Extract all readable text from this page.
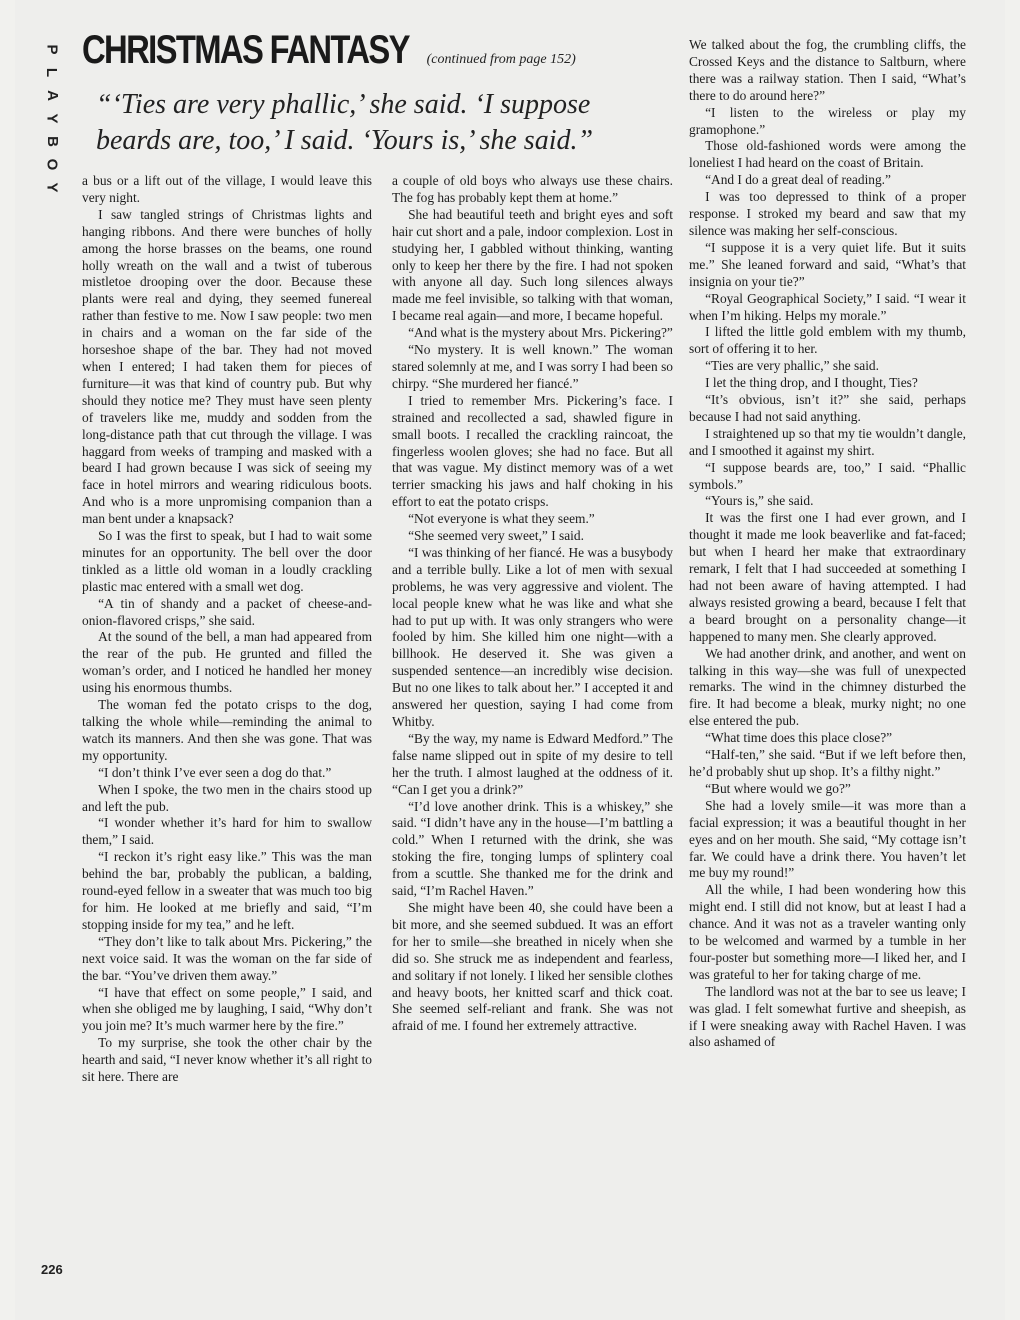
P
L
A
Y
B
O
Y
CHRISTMAS FANTASY (continued from page 152)
“‘Ties are very phallic,’ she said. ‘I suppose beards are, too,’ I said. ‘Yours is,’ she said.”

a bus or a lift out of the village, I would leave this very night.

I saw tangled strings of Christmas lights and hanging ribbons. And there were bunches of holly among the horse brasses on the beams, one round holly wreath on the wall and a twist of tuberous mistletoe drooping over the door. Because these plants were real and dying, they seemed funereal rather than festive to me. Now I saw people: two men in chairs and a woman on the far side of the horseshoe shape of the bar. They had not moved when I entered; I had taken them for pieces of furniture—it was that kind of country pub. But why should they notice me? They must have seen plenty of travelers like me, muddy and sodden from the long-distance path that cut through the village. I was haggard from weeks of tramping and masked with a beard I had grown because I was sick of seeing my face in hotel mirrors and wearing ridiculous boots. And who is a more unpromising companion than a man bent under a knapsack?

So I was the first to speak, but I had to wait some minutes for an opportunity. The bell over the door tinkled as a little old woman in a loudly crackling plastic mac entered with a small wet dog.

“A tin of shandy and a packet of cheese-and-onion-flavored crisps,” she said.

At the sound of the bell, a man had appeared from the rear of the pub. He grunted and filled the woman’s order, and I noticed he handled her money using his enormous thumbs.

The woman fed the potato crisps to the dog, talking the whole while—reminding the animal to watch its manners. And then she was gone. That was my opportunity.

“I don’t think I’ve ever seen a dog do that.”

When I spoke, the two men in the chairs stood up and left the pub.

“I wonder whether it’s hard for him to swallow them,” I said.

“I reckon it’s right easy like.” This was the man behind the bar, probably the publican, a balding, round-eyed fellow in a sweater that was much too big for him. He looked at me briefly and said, “I’m stopping inside for my tea,” and he left.

“They don’t like to talk about Mrs. Pickering,” the next voice said. It was the woman on the far side of the bar. “You’ve driven them away.”

“I have that effect on some people,” I said, and when she obliged me by laughing, I said, “Why don’t you join me? It’s much warmer here by the fire.”

To my surprise, she took the other chair by the hearth and said, “I never know whether it’s all right to sit here. There are

a couple of old boys who always use these chairs. The fog has probably kept them at home.”

She had beautiful teeth and bright eyes and soft hair cut short and a pale, indoor complexion. Lost in studying her, I gabbled without thinking, wanting only to keep her there by the fire. I had not spoken with anyone all day. Such long silences always made me feel invisible, so talking with that woman, I became real again—and more, I became hopeful.

“And what is the mystery about Mrs. Pickering?”

“No mystery. It is well known.” The woman stared solemnly at me, and I was sorry I had been so chirpy. “She murdered her fiancé.”

I tried to remember Mrs. Pickering’s face. I strained and recollected a sad, shawled figure in small boots. I recalled the crackling raincoat, the fingerless woolen gloves; she had no face. But all that was vague. My distinct memory was of a wet terrier smacking his jaws and half choking in his effort to eat the potato crisps.

“Not everyone is what they seem.”

“She seemed very sweet,” I said.

“I was thinking of her fiancé. He was a busybody and a terrible bully. Like a lot of men with sexual problems, he was very aggressive and violent. The local people knew what he was like and what she had to put up with. It was only strangers who were fooled by him. She killed him one night—with a billhook. He deserved it. She was given a suspended sentence—an incredibly wise decision. But no one likes to talk about her.” I accepted it and answered her question, saying I had come from Whitby.

“By the way, my name is Edward Medford.” The false name slipped out in spite of my desire to tell her the truth. I almost laughed at the oddness of it. “Can I get you a drink?”

“I’d love another drink. This is a whiskey,” she said. “I didn’t have any in the house—I’m battling a cold.” When I returned with the drink, she was stoking the fire, tonging lumps of splintery coal from a scuttle. She thanked me for the drink and said, “I’m Rachel Haven.”

She might have been 40, she could have been a bit more, and she seemed subdued. It was an effort for her to smile—she breathed in nicely when she did so. She struck me as independent and fearless, and solitary if not lonely. I liked her sensible clothes and heavy boots, her knitted scarf and thick coat. She seemed self-reliant and frank. She was not afraid of me. I found her extremely attractive.

We talked about the fog, the crumbling cliffs, the Crossed Keys and the distance to Saltburn, where there was a railway station. Then I said, “What’s there to do around here?”

“I listen to the wireless or play my gramophone.”

Those old-fashioned words were among the loneliest I had heard on the coast of Britain.

“And I do a great deal of reading.”

I was too depressed to think of a proper response. I stroked my beard and saw that my silence was making her self-conscious.

“I suppose it is a very quiet life. But it suits me.” She leaned forward and said, “What’s that insignia on your tie?”

“Royal Geographical Society,” I said. “I wear it when I’m hiking. Helps my morale.”

I lifted the little gold emblem with my thumb, sort of offering it to her.

“Ties are very phallic,” she said.

I let the thing drop, and I thought, Ties?

“It’s obvious, isn’t it?” she said, perhaps because I had not said anything.

I straightened up so that my tie wouldn’t dangle, and I smoothed it against my shirt.

“I suppose beards are, too,” I said. “Phallic symbols.”

“Yours is,” she said.

It was the first one I had ever grown, and I thought it made me look beaverlike and fat-faced; but when I heard her make that extraordinary remark, I felt that I had succeeded at something I had not been aware of having attempted. I had always resisted growing a beard, because I felt that a beard brought on a personality change—it happened to many men. She clearly approved.

We had another drink, and another, and went on talking in this way—she was full of unexpected remarks. The wind in the chimney disturbed the fire. It had become a bleak, murky night; no one else entered the pub.

“What time does this place close?”

“Half-ten,” she said. “But if we left before then, he’d probably shut up shop. It’s a filthy night.”

“But where would we go?”

She had a lovely smile—it was more than a facial expression; it was a beautiful thought in her eyes and on her mouth. She said, “My cottage isn’t far. We could have a drink there. You haven’t let me buy my round!”

All the while, I had been wondering how this might end. I still did not know, but at least I had a chance. And it was not as a traveler wanting only to be welcomed and warmed by a tumble in her four-poster but something more—I liked her, and I was grateful to her for taking charge of me.

The landlord was not at the bar to see us leave; I was glad. I felt somewhat furtive and sheepish, as if I were sneaking away with Rachel Haven. I was also ashamed of

226
